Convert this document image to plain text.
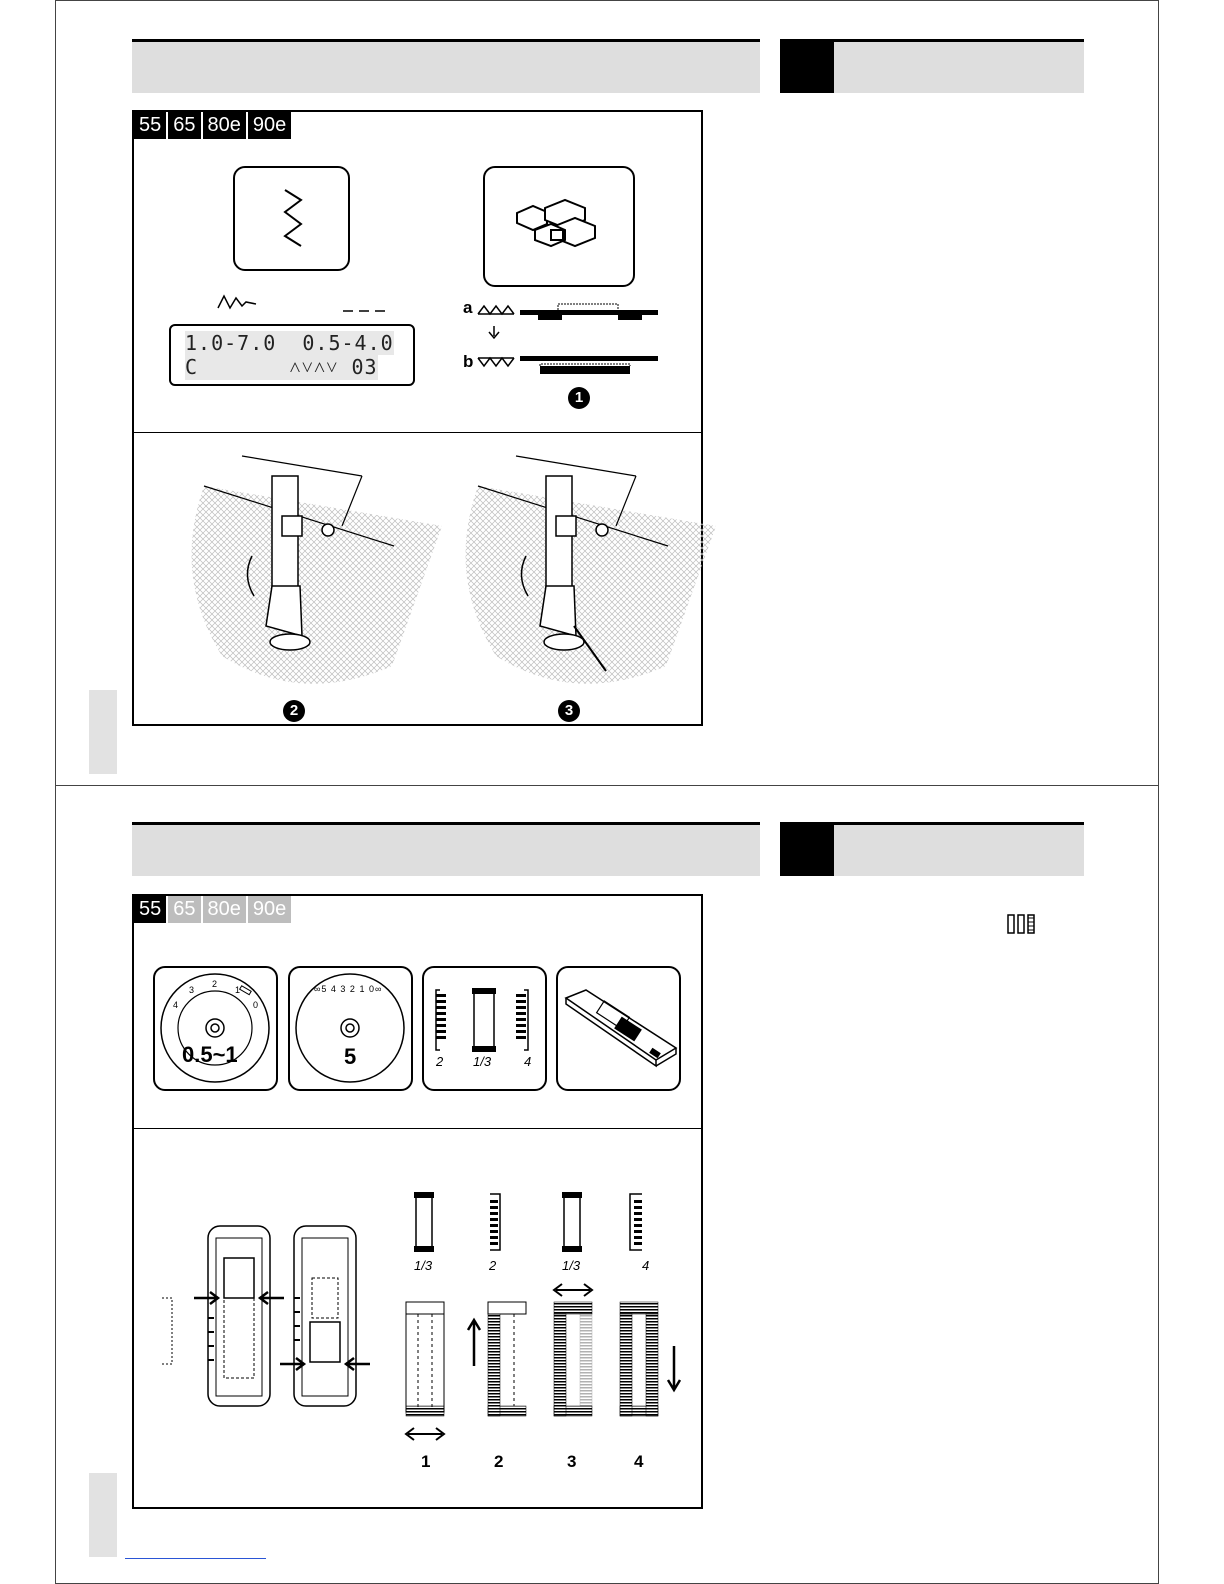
55 65 80e 90e
1.0-7.0  0.5-4.0
C       ˄˅˄˅ 03
a
b
1
2	3
55 65 80e 90e
4
3
2
1
0
0.5~1
∞5 4 3 2 1 0∞
5	2 1/3	4
1/3	2	1/3	4
1	2	3	4
